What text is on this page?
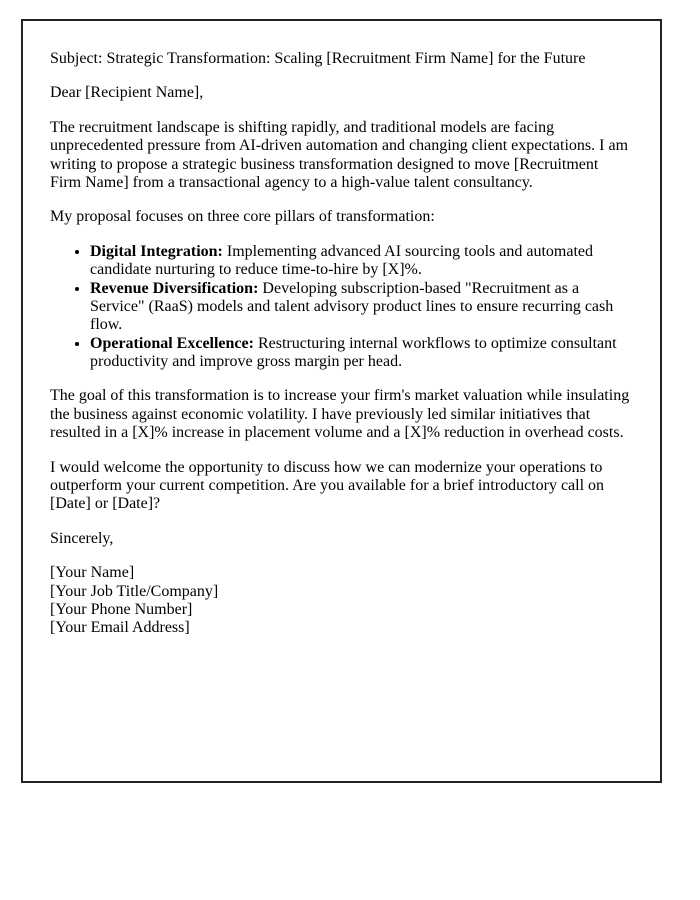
Subject: Strategic Transformation: Scaling [Recruitment Firm Name] for the Future

Dear [Recipient Name],

The recruitment landscape is shifting rapidly, and traditional models are facing unprecedented pressure from AI-driven automation and changing client expectations. I am writing to propose a strategic business transformation designed to move [Recruitment Firm Name] from a transactional agency to a high-value talent consultancy.

My proposal focuses on three core pillars of transformation:

• Digital Integration: Implementing advanced AI sourcing tools and automated candidate nurturing to reduce time-to-hire by [X]%.
• Revenue Diversification: Developing subscription-based "Recruitment as a Service" (RaaS) models and talent advisory product lines to ensure recurring cash flow.
• Operational Excellence: Restructuring internal workflows to optimize consultant productivity and improve gross margin per head.

The goal of this transformation is to increase your firm's market valuation while insulating the business against economic volatility. I have previously led similar initiatives that resulted in a [X]% increase in placement volume and a [X]% reduction in overhead costs.

I would welcome the opportunity to discuss how we can modernize your operations to outperform your current competition. Are you available for a brief introductory call on [Date] or [Date]?

Sincerely,

[Your Name]
[Your Job Title/Company]
[Your Phone Number]
[Your Email Address]
